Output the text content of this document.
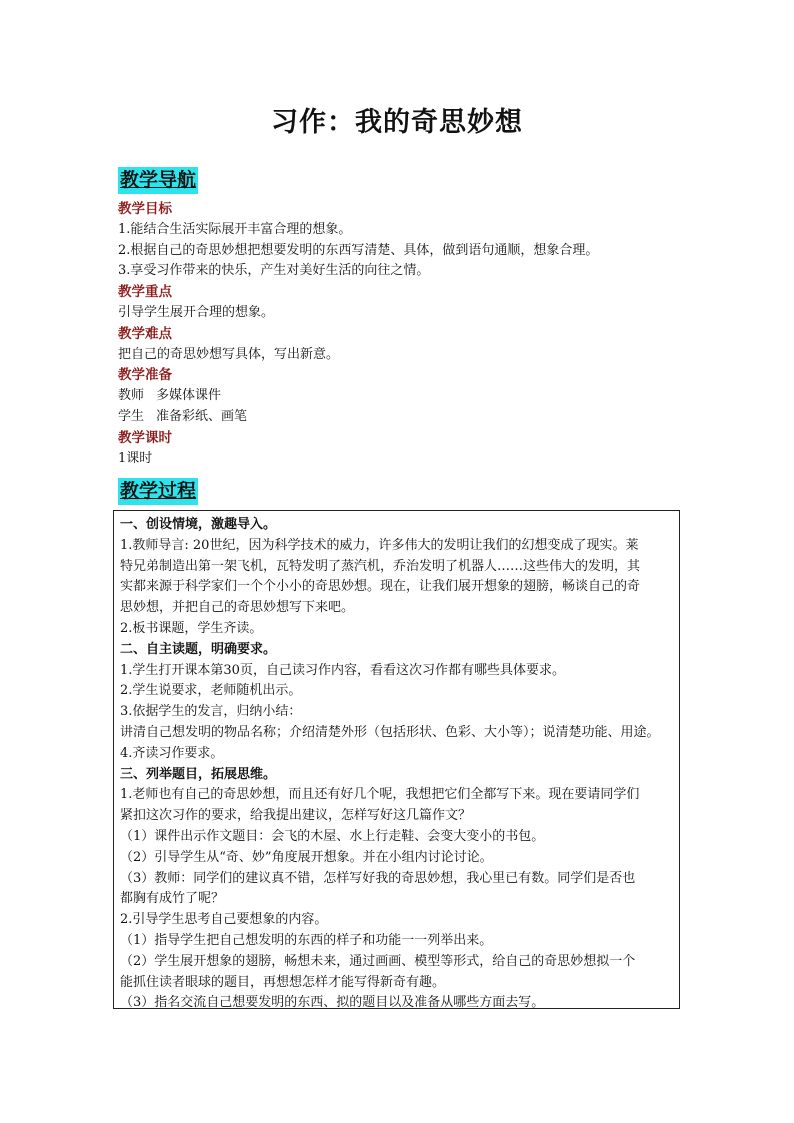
习作：我的奇思妙想
教学导航
教学目标
1.能结合生活实际展开丰富合理的想象。
2.根据自己的奇思妙想把想要发明的东西写清楚、具体，做到语句通顺，想象合理。
3.享受习作带来的快乐，产生对美好生活的向往之情。
教学重点
引导学生展开合理的想象。
教学难点
把自己的奇思妙想写具体，写出新意。
教学准备
教师 多媒体课件
学生 准备彩纸、画笔
教学课时
1课时
教学过程
一、创设情境，激趣导入。
1.教师导言: 20世纪，因为科学技术的威力，许多伟大的发明让我们的幻想变成了现实。莱
特兄弟制造出第一架飞机，瓦特发明了蒸汽机，乔治发明了机器人……这些伟大的发明，其
实都来源于科学家们一个个小小的奇思妙想。现在，让我们展开想象的翅膀，畅谈自己的奇
思妙想，并把自己的奇思妙想写下来吧。
2.板书课题，学生齐读。
二、自主读题，明确要求。
1.学生打开课本第30页，自己读习作内容，看看这次习作都有哪些具体要求。
2.学生说要求，老师随机出示。
3.依据学生的发言，归纳小结：
讲清自己想发明的物品名称；介绍清楚外形（包括形状、色彩、大小等）；说清楚功能、用途。
4.齐读习作要求。
三、列举题目，拓展思维。
1.老师也有自己的奇思妙想，而且还有好几个呢，我想把它们全都写下来。现在要请同学们
紧扣这次习作的要求，给我提出建议，怎样写好这几篇作文？
（1）课件出示作文题目：会飞的木屋、水上行走鞋、会变大变小的书包。
（2）引导学生从“奇、妙”角度展开想象。并在小组内讨论讨论。
（3）教师：同学们的建议真不错，怎样写好我的奇思妙想，我心里已有数。同学们是否也
都胸有成竹了呢？
2.引导学生思考自己要想象的内容。
（1）指导学生把自己想发明的东西的样子和功能一一列举出来。
（2）学生展开想象的翅膀，畅想未来，通过画画、模型等形式，给自己的奇思妙想拟一个
能抓住读者眼球的题目，再想想怎样才能写得新奇有趣。
（3）指名交流自己想要发明的东西、拟的题目以及准备从哪些方面去写。
